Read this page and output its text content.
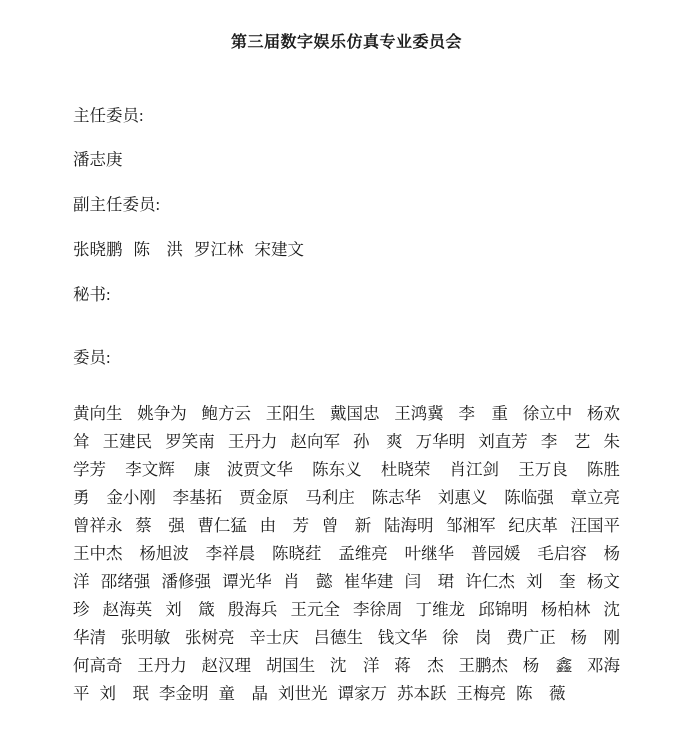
第三届数字娱乐仿真专业委员会
主任委员:
潘志庚
副主任委员:
张晓鹏 陈　洪 罗江林 宋建文
秘书:
委员:
黄向生 姚争为 鲍方云 王阳生 戴国忠 王鸿冀 李　重 徐立中 杨欢
耸 王建民 罗笑南 王丹力 赵向军 孙　爽 万华明 刘直芳 李　艺 朱
学芳 李文辉 康　波贾文华 陈东义 杜晓荣 肖江剑 王万良 陈胜
勇 金小刚 李基拓 贾金原 马利庄 陈志华 刘惠义 陈临强 章立亮
曾祥永 蔡　强 曹仁猛 由　芳 曾　新 陆海明 邹湘军 纪庆革 汪国平
王中杰 杨旭波 李祥晨 陈晓荭 孟维亮 叶继华 普园媛 毛启容 杨
洋 邵绪强 潘修强 谭光华 肖　懿 崔华建 闫　珺 许仁杰 刘　奎 杨文
珍 赵海英 刘　箴 殷海兵 王元全 李徐周 丁维龙 邱锦明 杨柏林 沈
华清 张明敏 张树亮 辛士庆 吕德生 钱文华 徐　岗 费广正 杨　刚
何高奇 王丹力 赵汉理 胡国生 沈　洋 蒋　杰 王鹏杰 杨　鑫 邓海
平 刘　珉 李金明 童　晶 刘世光 谭家万 苏本跃 王梅亮 陈　薇
